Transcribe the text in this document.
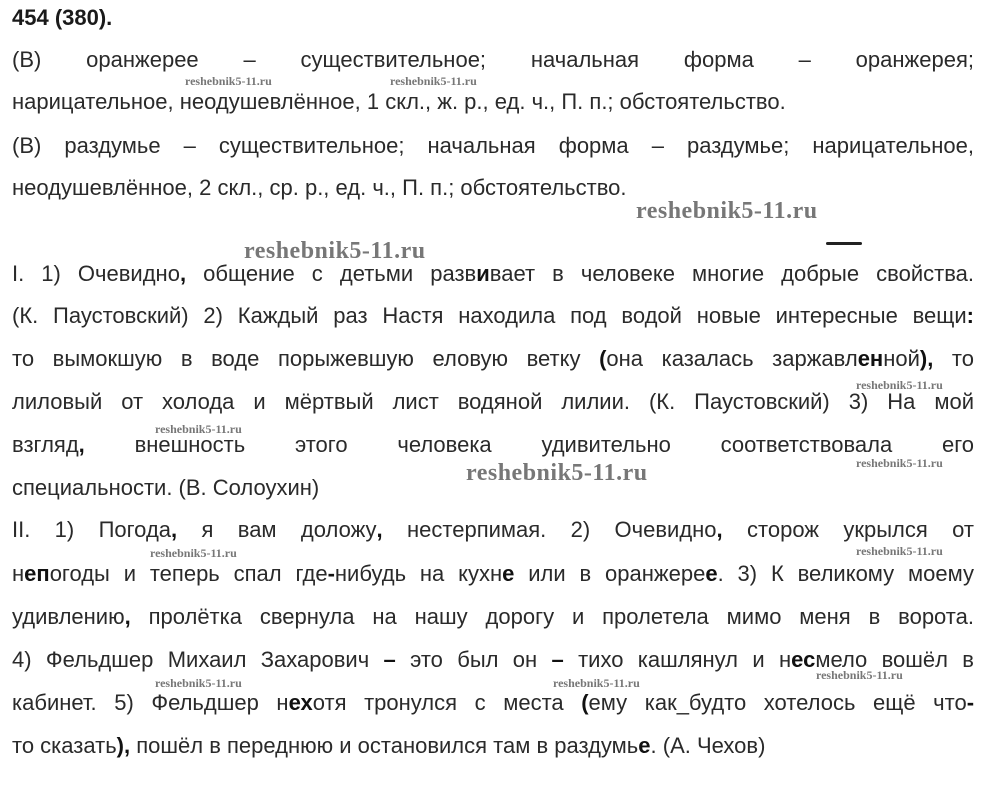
454 (380).
(В) оранжерее – существительное; начальная форма – оранжерея;
нарицательное, неодушевлённое, 1 скл., ж. р., ед. ч., П. п.; обстоятельство.
(В) раздумье – существительное; начальная форма – раздумье; нарицательное,
неодушевлённое, 2 скл., ср. р., ед. ч., П. п.; обстоятельство.
I. 1) Очевидно, общение с детьми развивает в человеке многие добрые свойства.
(К. Паустовский) 2) Каждый раз Настя находила под водой новые интересные вещи:
то вымокшую в воде порыжевшую еловую ветку (она казалась заржавленной), то
лиловый от холода и мёртвый лист водяной лилии. (К. Паустовский) 3) На мой
взгляд, внешность этого человека удивительно соответствовала его
специальности. (В. Солоухин)
II. 1) Погода, я вам доложу, нестерпимая. 2) Очевидно, сторож укрылся от
непогоды и теперь спал где-нибудь на кухне или в оранжерее. 3) К великому моему
удивлению, пролётка свернула на нашу дорогу и пролетела мимо меня в ворота.
4) Фельдшер Михаил Захарович – это был он – тихо кашлянул и несмело вошёл в
кабинет. 5) Фельдшер нехотя тронулся с места (ему как_будто хотелось ещё что-
то сказать), пошёл в переднюю и остановился там в раздумье. (А. Чехов)
reshebnik5-11.ru	reshebnik5-11.ru
reshebnik5-11.ru
reshebnik5-11.ru
reshebnik5-11.ru
reshebnik5-11.ru
reshebnik5-11.ru	reshebnik5-11.ru
reshebnik5-11.ru	reshebnik5-11.ru
reshebnik5-11.ru	reshebnik5-11.ru
reshebnik5-11.ru
